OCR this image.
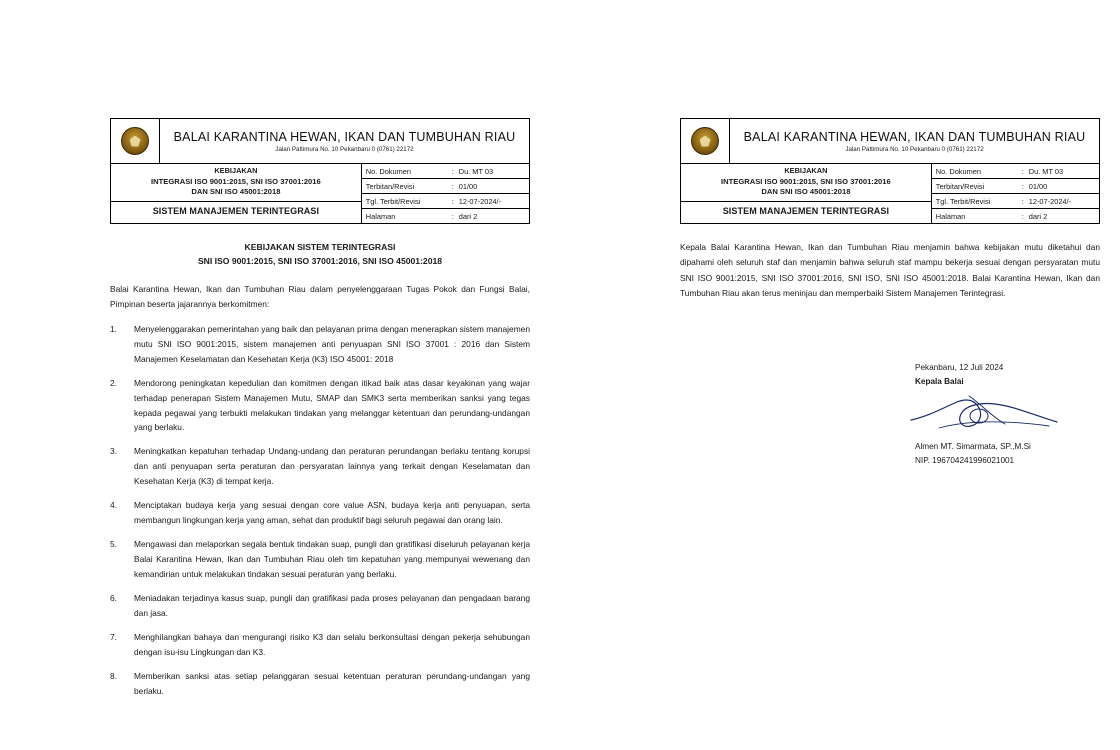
BALAI KARANTINA HEWAN, IKAN DAN TUMBUHAN RIAU
Jalan Pattimura No. 10 Pekanbaru 0 (0761) 22172
KEBIJAKAN
INTEGRASI ISO 9001:2015, SNI ISO 37001:2016
DAN SNI ISO 45001:2018
SISTEM MANAJEMEN TERINTEGRASI
No. Dokumen	: Du. MT 03
Terbitan/Revisi	: 01/00
Tgl. Terbit/Revisi	: 12-07-2024/-
Halaman	: dari 2
KEBIJAKAN SISTEM TERINTEGRASI
SNI ISO 9001:2015, SNI ISO 37001:2016, SNI ISO 45001:2018
Balai Karantina Hewan, Ikan dan Tumbuhan Riau dalam penyelenggaraan Tugas Pokok dan Fungsi Balai, Pimpinan beserta jajarannya berkomitmen:
1.	Menyelenggarakan pemerintahan yang baik dan pelayanan prima dengan menerapkan sistem manajemen mutu SNI ISO 9001:2015, sistem manajemen anti penyuapan SNI ISO 37001 : 2016 dan Sistem Manajemen Keselamatan dan Kesehatan Kerja (K3) ISO 45001: 2018
2.	Mendorong peningkatan kepedulian dan komitmen dengan itikad baik atas dasar keyakinan yang wajar terhadap penerapan Sistem Manajemen Mutu, SMAP dan SMK3 serta memberikan sanksi yang tegas kepada pegawai yang terbukti melakukan tindakan yang melanggar ketentuan dan perundang-undangan yang berlaku.
3.	Meningkatkan kepatuhan terhadap Undang-undang dan peraturan perundangan berlaku tentang korupsi dan anti penyuapan serta peraturan dan persyaratan lainnya yang terkait dengan Keselamatan dan Kesehatan Kerja (K3) di tempat kerja.
4.	Menciptakan budaya kerja yang sesuai dengan core value ASN, budaya kerja anti penyuapan, serta membangun lingkungan kerja yang aman, sehat dan produktif bagi seluruh pegawai dan orang lain.
5.	Mengawasi dan melaporkan segala bentuk tindakan suap, pungli dan gratifikasi diseluruh pelayanan kerja Balai Karantina Hewan, Ikan dan Tumbuhan Riau oleh tim kepatuhan yang mempunyai wewenang dan kemandirian untuk melakukan tindakan sesuai peraturan yang berlaku.
6.	Meniadakan terjadinya kasus suap, pungli dan gratifikasi pada proses pelayanan dan pengadaan barang dan jasa.
7.	Menghilangkan bahaya dan mengurangi risiko K3 dan selalu berkonsultasi dengan pekerja sehubungan dengan isu-isu Lingkungan dan K3.
8.	Memberikan sanksi atas setiap pelanggaran sesuai ketentuan peraturan perundang-undangan yang berlaku.
BALAI KARANTINA HEWAN, IKAN DAN TUMBUHAN RIAU
Jalan Pattimura No. 10 Pekanbaru 0 (0761) 22172
KEBIJAKAN
INTEGRASI ISO 9001:2015, SNI ISO 37001:2016
DAN SNI ISO 45001:2018
SISTEM MANAJEMEN TERINTEGRASI
No. Dokumen	: Du. MT 03
Terbitan/Revisi	: 01/00
Tgl. Terbit/Revisi	: 12-07-2024/-
Halaman	: dari 2
Kepala Balai Karantina Hewan, Ikan dan Tumbuhan Riau menjamin bahwa kebijakan mutu diketahui dan dipahami oleh seluruh staf dan menjamin bahwa seluruh staf mampu bekerja sesuai dengan persyaratan mutu SNI ISO 9001:2015, SNI ISO 37001:2016, SNI ISO, SNI ISO 45001:2018. Balai Karantina Hewan, Ikan dan Tumbuhan Riau akan terus meninjau dan memperbaiki Sistem Manajemen Terintegrasi.
Pekanbaru, 12 Juli 2024
Kepala Balai
Almen MT. Simarmata, SP.,M.Si
NIP. 196704241996021001
